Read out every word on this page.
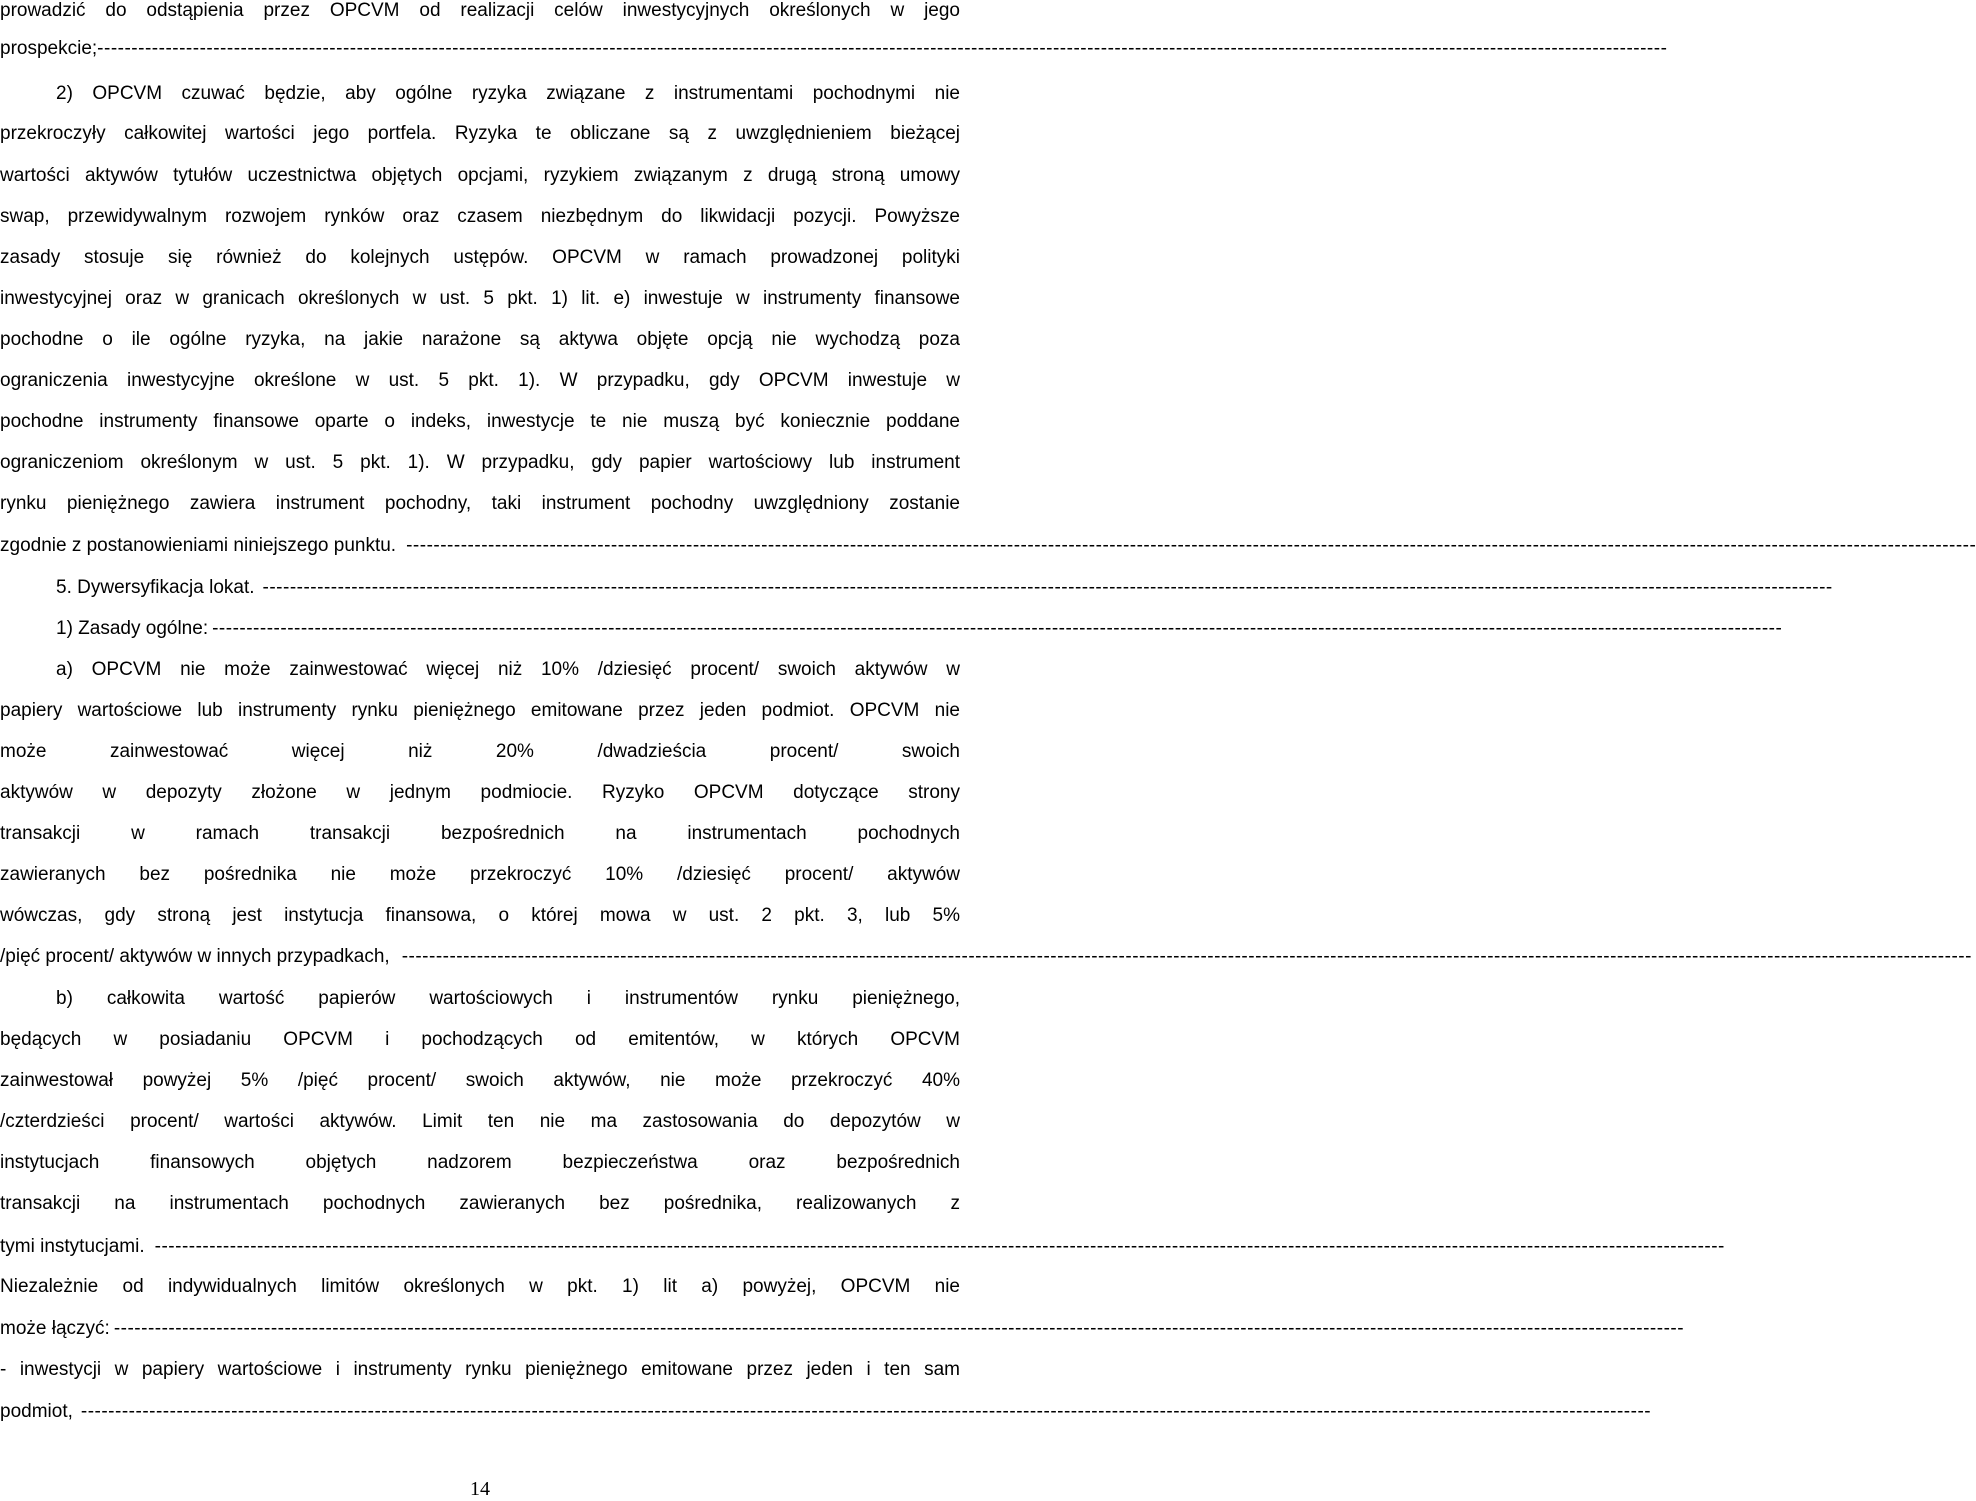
prowadzić do odstąpienia przez OPCVM od realizacji celów inwestycyjnych określonych w jego
prospekcie; --------------------------------------------------------------------------------------------------------------------------------------------------------------------------------------------------------------------------------------
2) OPCVM czuwać będzie, aby ogólne ryzyka związane z instrumentami pochodnymi nie
przekroczyły całkowitej wartości jego portfela. Ryzyka te obliczane są z uwzględnieniem bieżącej
wartości aktywów tytułów uczestnictwa objętych opcjami, ryzykiem związanym z drugą stroną umowy
swap, przewidywalnym rozwojem rynków oraz czasem niezbędnym do likwidacji pozycji. Powyższe
zasady stosuje się również do kolejnych ustępów. OPCVM w ramach prowadzonej polityki
inwestycyjnej oraz w granicach określonych w ust. 5 pkt. 1) lit. e) inwestuje w instrumenty finansowe
pochodne o ile ogólne ryzyka, na jakie narażone są aktywa objęte opcją nie wychodzą poza
ograniczenia inwestycyjne określone w ust. 5 pkt. 1). W przypadku, gdy OPCVM inwestuje w
pochodne instrumenty finansowe oparte o indeks, inwestycje te nie muszą być koniecznie poddane
ograniczeniom określonym w ust. 5 pkt. 1). W przypadku, gdy papier wartościowy lub instrument
rynku pieniężnego zawiera instrument pochodny, taki instrument pochodny uwzględniony zostanie
zgodnie z postanowieniami niniejszego punktu. --------------------------------------------------------------------------------------------------------------------------------------------------------------------------------------------------------------------------------------
5. Dywersyfikacja lokat. --------------------------------------------------------------------------------------------------------------------------------------------------------------------------------------------------------------------------------------
1) Zasady ogólne: --------------------------------------------------------------------------------------------------------------------------------------------------------------------------------------------------------------------------------------
a) OPCVM nie może zainwestować więcej niż 10% /dziesięć procent/ swoich aktywów w
papiery wartościowe lub instrumenty rynku pieniężnego emitowane przez jeden podmiot. OPCVM nie
może zainwestować więcej niż 20% /dwadzieścia procent/ swoich
aktywów w depozyty złożone w jednym podmiocie. Ryzyko OPCVM dotyczące strony
transakcji w ramach transakcji bezpośrednich na instrumentach pochodnych
zawieranych bez pośrednika nie może przekroczyć 10% /dziesięć procent/ aktywów
wówczas, gdy stroną jest instytucja finansowa, o której mowa w ust. 2 pkt. 3, lub 5%
/pięć procent/ aktywów w innych przypadkach, --------------------------------------------------------------------------------------------------------------------------------------------------------------------------------------------------------------------------------------
b) całkowita wartość papierów wartościowych i instrumentów rynku pieniężnego,
będących w posiadaniu OPCVM i pochodzących od emitentów, w których OPCVM
zainwestował powyżej 5% /pięć procent/ swoich aktywów, nie może przekroczyć 40%
/czterdzieści procent/ wartości aktywów. Limit ten nie ma zastosowania do depozytów w
instytucjach finansowych objętych nadzorem bezpieczeństwa oraz bezpośrednich
transakcji na instrumentach pochodnych zawieranych bez pośrednika, realizowanych z
tymi instytucjami. --------------------------------------------------------------------------------------------------------------------------------------------------------------------------------------------------------------------------------------
Niezależnie od indywidualnych limitów określonych w pkt. 1) lit a) powyżej, OPCVM nie
może łączyć: --------------------------------------------------------------------------------------------------------------------------------------------------------------------------------------------------------------------------------------
- inwestycji w papiery wartościowe i instrumenty rynku pieniężnego emitowane przez jeden i ten sam
podmiot, --------------------------------------------------------------------------------------------------------------------------------------------------------------------------------------------------------------------------------------
14
